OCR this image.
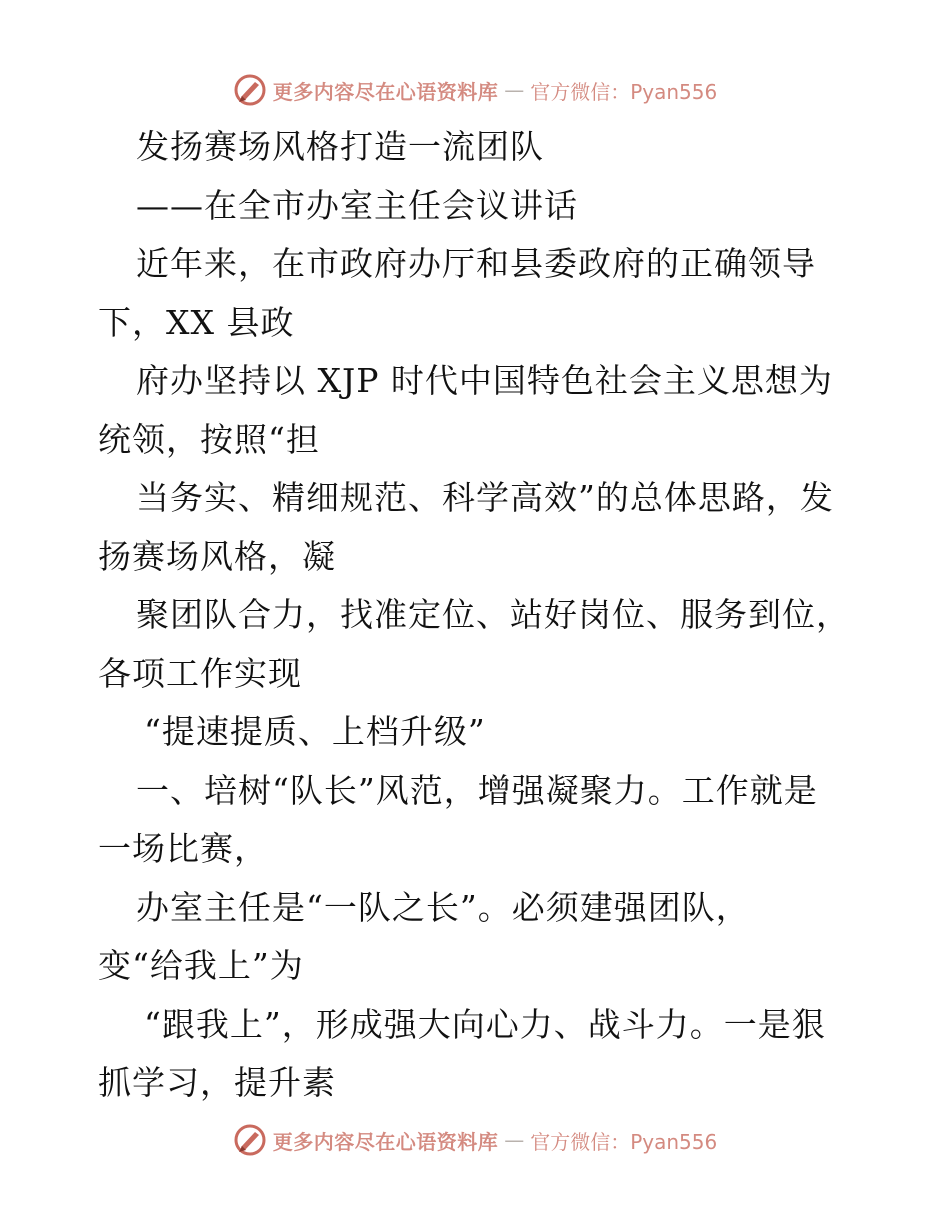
更多内容尽在心语资料库 — 官方微信：Pyan556
发扬赛场风格打造一流团队
——在全市办室主任会议讲话
近年来，在市政府办厅和县委政府的正确领导
下，XX 县政
府办坚持以 XJP 时代中国特色社会主义思想为
统领，按照“担
当务实、精细规范、科学高效”的总体思路，发
扬赛场风格，凝
聚团队合力，找准定位、站好岗位、服务到位，
各项工作实现
“提速提质、上档升级”
一、培树“队长”风范，增强凝聚力。工作就是
一场比赛，
办室主任是“一队之长”。必须建强团队，
变“给我上”为
“跟我上”，形成强大向心力、战斗力。一是狠
抓学习，提升素
更多内容尽在心语资料库 — 官方微信：Pyan556
